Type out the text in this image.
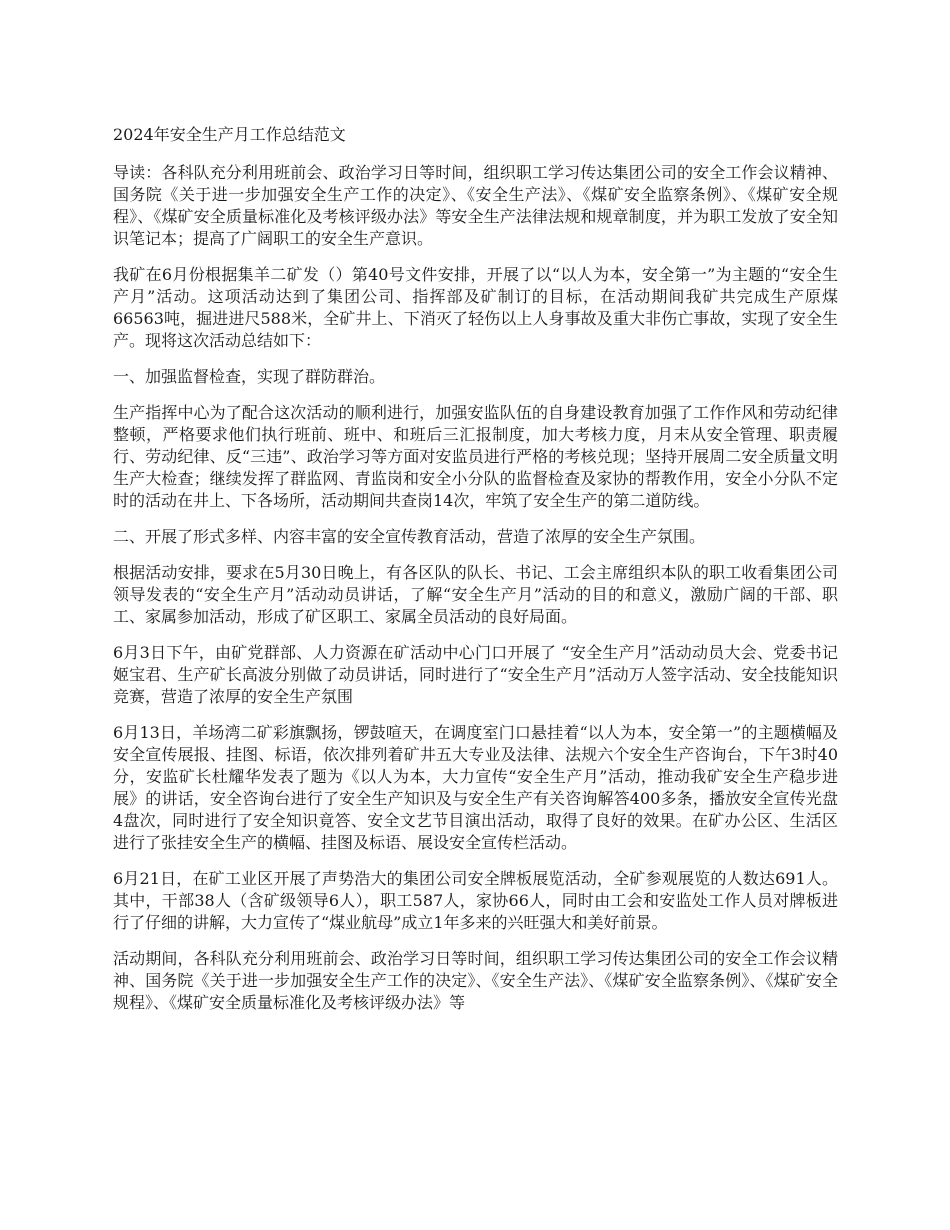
2024年安全生产月工作总结范文

导读：各科队充分利用班前会、政治学习日等时间，组织职工学习传达集团公司的安全工作会议精神、国务院《关于进一步加强安全生产工作的决定》、《安全生产法》、《煤矿安全监察条例》、《煤矿安全规程》、《煤矿安全质量标准化及考核评级办法》等安全生产法律法规和规章制度，并为职工发放了安全知识笔记本；提高了广阔职工的安全生产意识。

我矿在6月份根据集羊二矿发（）第40号文件安排，开展了以“以人为本，安全第一”为主题的“安全生产月”活动。这项活动达到了集团公司、指挥部及矿制订的目标，在活动期间我矿共完成生产原煤66563吨，掘进进尺588米，全矿井上、下消灭了轻伤以上人身事故及重大非伤亡事故，实现了安全生产。现将这次活动总结如下：

一、加强监督检查，实现了群防群治。

生产指挥中心为了配合这次活动的顺利进行，加强安监队伍的自身建设教育加强了工作作风和劳动纪律整顿，严格要求他们执行班前、班中、和班后三汇报制度，加大考核力度，月末从安全管理、职责履行、劳动纪律、反“三违”、政治学习等方面对安监员进行严格的考核兑现；坚持开展周二安全质量文明生产大检查；继续发挥了群监网、青监岗和安全小分队的监督检查及家协的帮教作用，安全小分队不定时的活动在井上、下各场所，活动期间共查岗14次，牢筑了安全生产的第二道防线。

二、开展了形式多样、内容丰富的安全宣传教育活动，营造了浓厚的安全生产氛围。

根据活动安排，要求在5月30日晚上，有各区队的队长、书记、工会主席组织本队的职工收看集团公司领导发表的“安全生产月”活动动员讲话，了解“安全生产月”活动的目的和意义，激励广阔的干部、职工、家属参加活动，形成了矿区职工、家属全员活动的良好局面。

6月3日下午，由矿党群部、人力资源在矿活动中心门口开展了 “安全生产月”活动动员大会、党委书记姬宝君、生产矿长高波分别做了动员讲话，同时进行了“安全生产月”活动万人签字活动、安全技能知识竞赛，营造了浓厚的安全生产氛围

6月13日，羊场湾二矿彩旗飘扬，锣鼓喧天，在调度室门口悬挂着“以人为本，安全第一”的主题横幅及安全宣传展报、挂图、标语，依次排列着矿井五大专业及法律、法规六个安全生产咨询台，下午3时40分，安监矿长杜耀华发表了题为《以人为本，大力宣传“安全生产月”活动，推动我矿安全生产稳步进展》的讲话，安全咨询台进行了安全生产知识及与安全生产有关咨询解答400多条，播放安全宣传光盘4盘次，同时进行了安全知识竟答、安全文艺节目演出活动，取得了良好的效果。在矿办公区、生活区进行了张挂安全生产的横幅、挂图及标语、展设安全宣传栏活动。

6月21日，在矿工业区开展了声势浩大的集团公司安全牌板展览活动，全矿参观展览的人数达691人。其中，干部38人（含矿级领导6人），职工587人，家协66人，同时由工会和安监处工作人员对牌板进行了仔细的讲解，大力宣传了“煤业航母”成立1年多来的兴旺强大和美好前景。

活动期间，各科队充分利用班前会、政治学习日等时间，组织职工学习传达集团公司的安全工作会议精神、国务院《关于进一步加强安全生产工作的决定》、《安全生产法》、《煤矿安全监察条例》、《煤矿安全规程》、《煤矿安全质量标准化及考核评级办法》等
